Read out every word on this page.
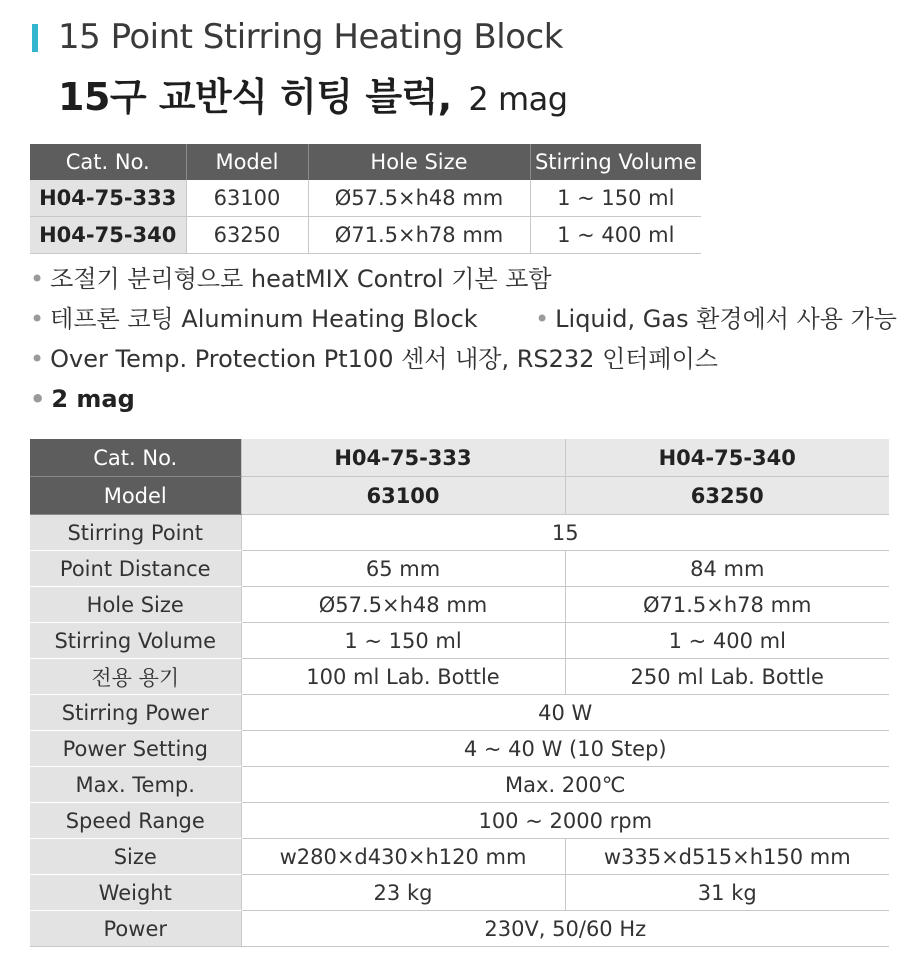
15 Point Stirring Heating Block
15구 교반식 히팅 블럭, 2 mag
Cat. No.	Model	Hole Size	Stirring Volume
H04-75-333	63100	Ø57.5×h48 mm	1 ~ 150 ml
H04-75-340	63250	Ø71.5×h78 mm	1 ~ 400 ml
• 조절기 분리형으로 heatMIX Control 기본 포함
• 테프론 코팅 Aluminum Heating Block • Liquid, Gas 환경에서 사용 가능
• Over Temp. Protection Pt100 센서 내장, RS232 인터페이스
• 2 mag
Cat. No.	H04-75-333	H04-75-340
Model	63100	63250
Stirring Point	15	
Point Distance	65 mm	84 mm
Hole Size	Ø57.5×h48 mm	Ø71.5×h78 mm
Stirring Volume	1 ~ 150 ml	1 ~ 400 ml
전용 용기	100 ml Lab. Bottle	250 ml Lab. Bottle
Stirring Power	40 W	
Power Setting	4 ~ 40 W (10 Step)	
Max. Temp.	Max. 200℃	
Speed Range	100 ~ 2000 rpm	
Size	w280×d430×h120 mm	w335×d515×h150 mm
Weight	23 kg	31 kg
Power	230V, 50/60 Hz	
